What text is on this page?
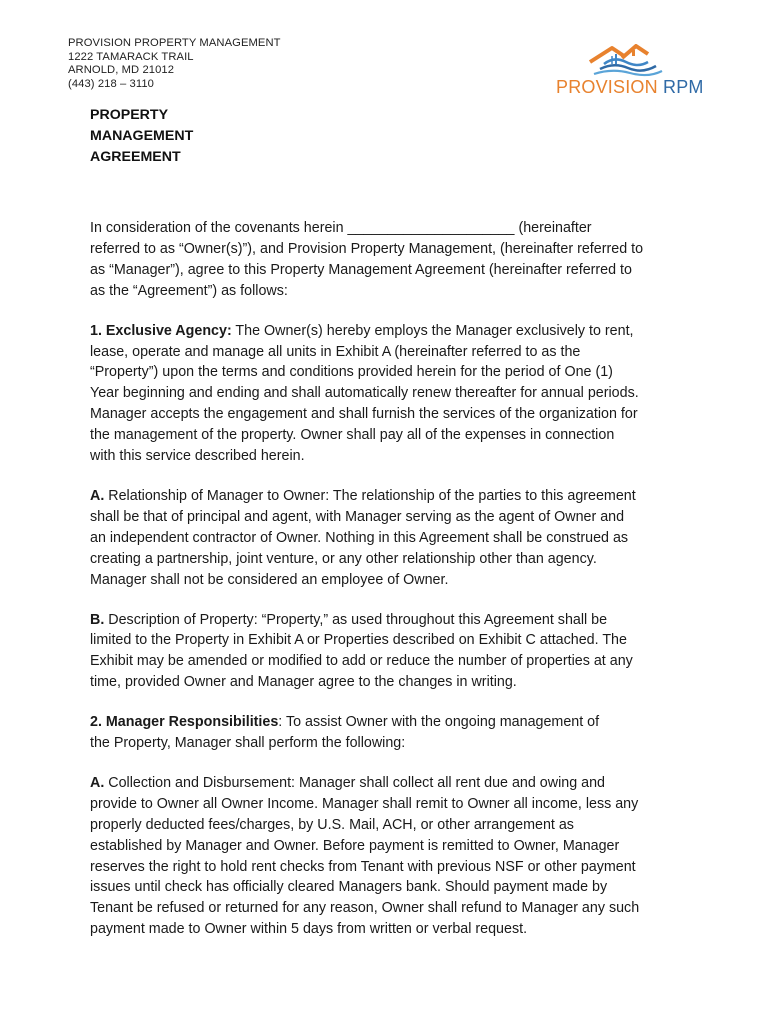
PROVISION PROPERTY MANAGEMENT
1222 TAMARACK TRAIL
ARNOLD, MD 21012
(443) 218 – 3110	PROVISION RPM
PROPERTY
MANAGEMENT
AGREEMENT
In consideration of the covenants herein _____________________ (hereinafter
referred to as “Owner(s)”), and Provision Property Management, (hereinafter referred to
as “Manager”), agree to this Property Management Agreement (hereinafter referred to
as the “Agreement”) as follows:
1. Exclusive Agency: The Owner(s) hereby employs the Manager exclusively to rent,
lease, operate and manage all units in Exhibit A (hereinafter referred to as the
“Property”) upon the terms and conditions provided herein for the period of One (1)
Year beginning and ending and shall automatically renew thereafter for annual periods.
Manager accepts the engagement and shall furnish the services of the organization for
the management of the property. Owner shall pay all of the expenses in connection
with this service described herein.
A. Relationship of Manager to Owner: The relationship of the parties to this agreement
shall be that of principal and agent, with Manager serving as the agent of Owner and
an independent contractor of Owner. Nothing in this Agreement shall be construed as
creating a partnership, joint venture, or any other relationship other than agency.
Manager shall not be considered an employee of Owner.
B. Description of Property: “Property,” as used throughout this Agreement shall be
limited to the Property in Exhibit A or Properties described on Exhibit C attached. The
Exhibit may be amended or modified to add or reduce the number of properties at any
time, provided Owner and Manager agree to the changes in writing.
2. Manager Responsibilities: To assist Owner with the ongoing management of
the Property, Manager shall perform the following:
A. Collection and Disbursement: Manager shall collect all rent due and owing and
provide to Owner all Owner Income. Manager shall remit to Owner all income, less any
properly deducted fees/charges, by U.S. Mail, ACH, or other arrangement as
established by Manager and Owner. Before payment is remitted to Owner, Manager
reserves the right to hold rent checks from Tenant with previous NSF or other payment
issues until check has officially cleared Managers bank. Should payment made by
Tenant be refused or returned for any reason, Owner shall refund to Manager any such
payment made to Owner within 5 days from written or verbal request.
